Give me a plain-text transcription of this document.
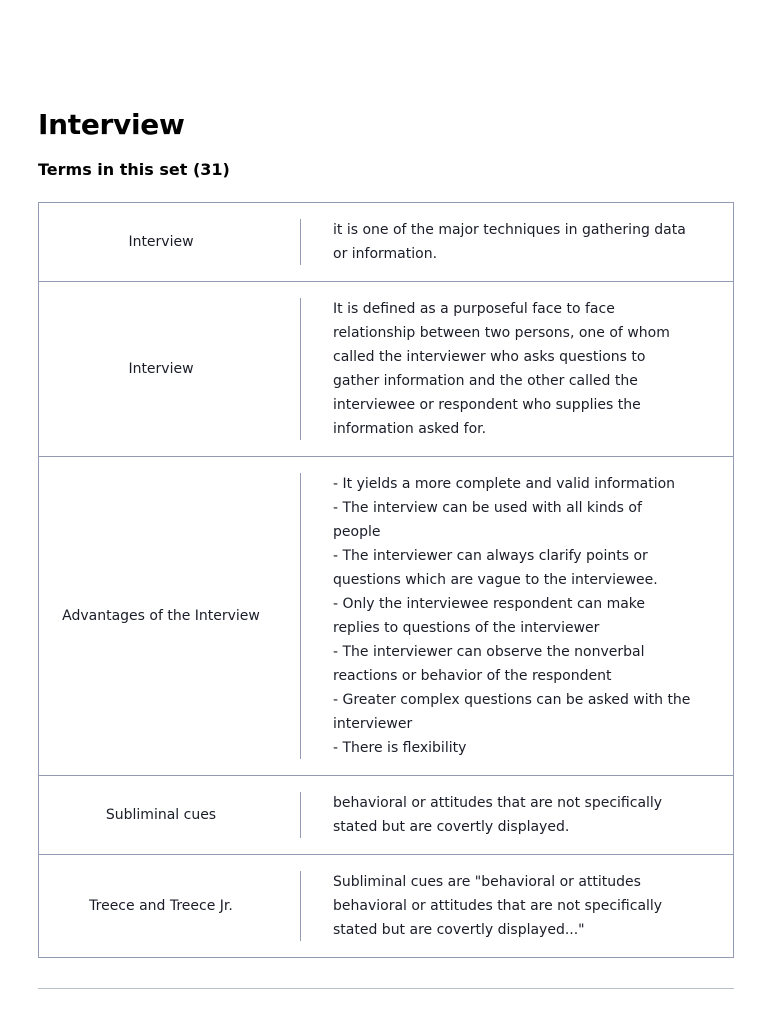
Interview
Terms in this set (31)
Interview
it is one of the major techniques in gathering data or information.
Interview
It is defined as a purposeful face to face relationship between two persons, one of whom called the interviewer who asks questions to gather information and the other called the interviewee or respondent who supplies the information asked for.
Advantages of the Interview
- It yields a more complete and valid information
- The interview can be used with all kinds of people
- The interviewer can always clarify points or questions which are vague to the interviewee.
- Only the interviewee respondent can make replies to questions of the interviewer
- The interviewer can observe the nonverbal reactions or behavior of the respondent
- Greater complex questions can be asked with the interviewer
- There is flexibility
Subliminal cues
behavioral or attitudes that are not specifically stated but are covertly displayed.
Treece and Treece Jr.
Subliminal cues are "behavioral or attitudes behavioral or attitudes that are not specifically stated but are covertly displayed..."
